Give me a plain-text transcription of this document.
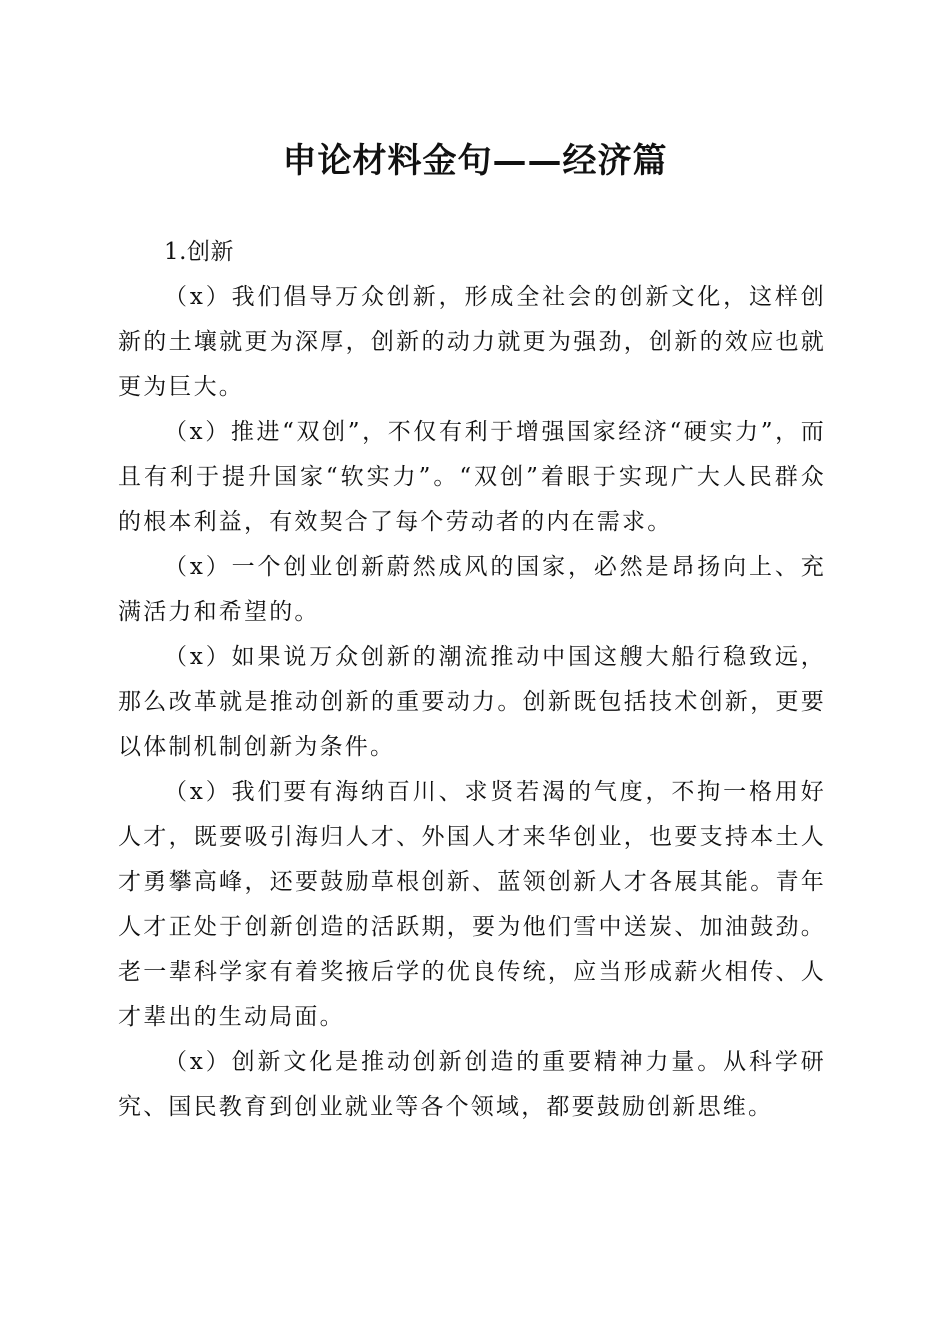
申论材料金句——经济篇

1.创新

（x）我们倡导万众创新，形成全社会的创新文化，这样创新的土壤就更为深厚，创新的动力就更为强劲，创新的效应也就更为巨大。

（x）推进“双创”，不仅有利于增强国家经济“硬实力”，而且有利于提升国家“软实力”。“双创”着眼于实现广大人民群众的根本利益，有效契合了每个劳动者的内在需求。

（x）一个创业创新蔚然成风的国家，必然是昂扬向上、充满活力和希望的。

（x）如果说万众创新的潮流推动中国这艘大船行稳致远，那么改革就是推动创新的重要动力。创新既包括技术创新，更要以体制机制创新为条件。

（x）我们要有海纳百川、求贤若渴的气度，不拘一格用好人才，既要吸引海归人才、外国人才来华创业，也要支持本土人才勇攀高峰，还要鼓励草根创新、蓝领创新人才各展其能。青年人才正处于创新创造的活跃期，要为他们雪中送炭、加油鼓劲。老一辈科学家有着奖掖后学的优良传统，应当形成薪火相传、人才辈出的生动局面。

（x）创新文化是推动创新创造的重要精神力量。从科学研究、国民教育到创业就业等各个领域，都要鼓励创新思维。
